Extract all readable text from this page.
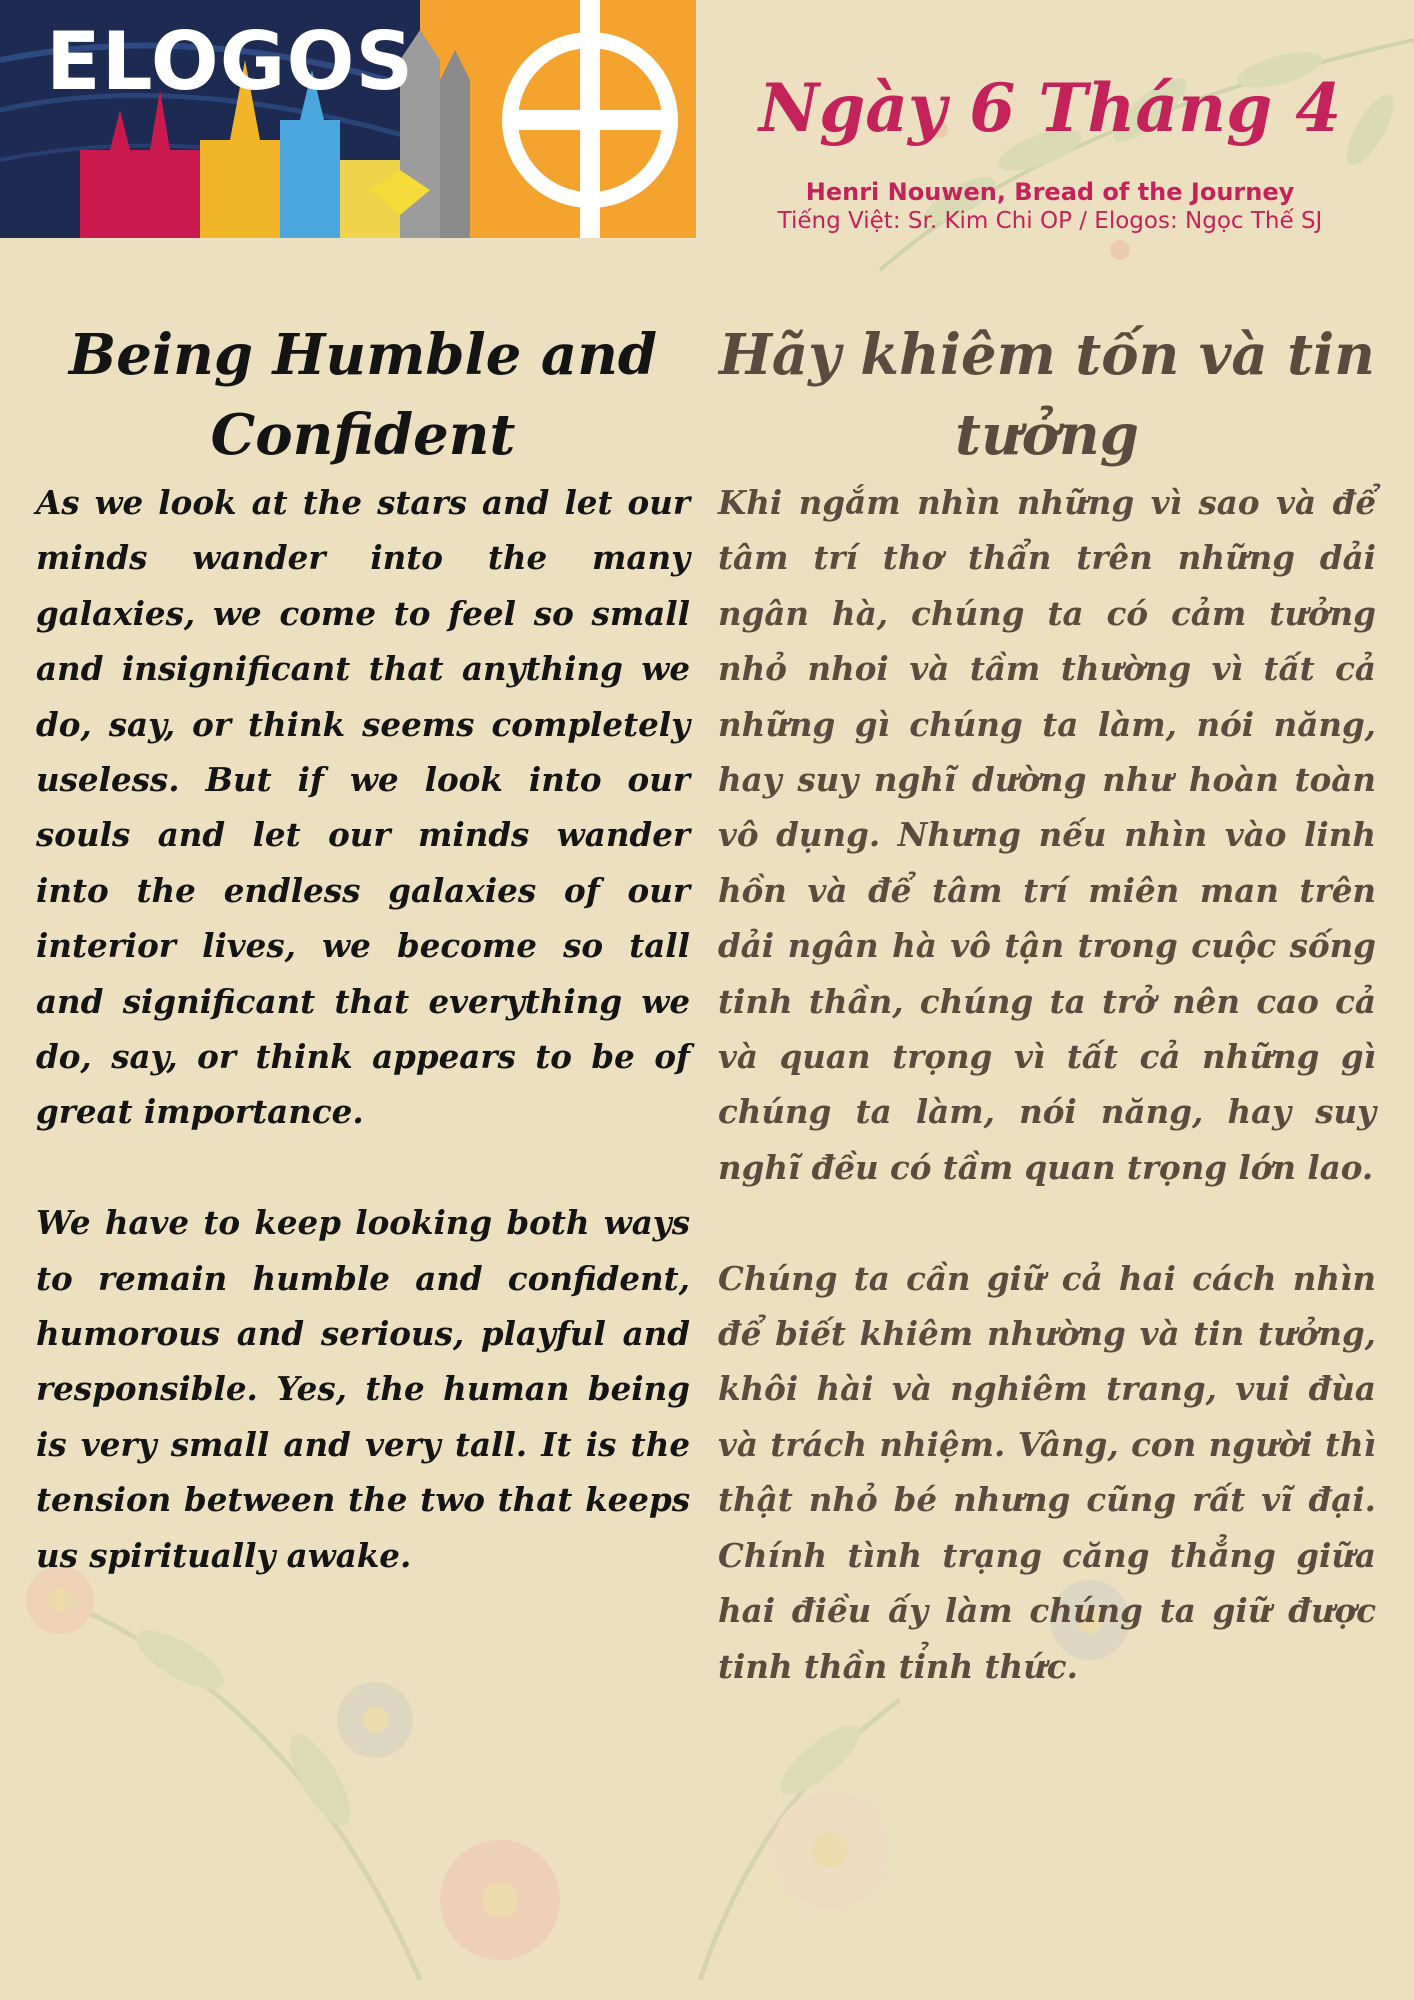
ELOGOS	Ngày 6 Tháng 4
Henri Nouwen, Bread of the Journey
Tiếng Việt: Sr. Kim Chi OP / Elogos: Ngọc Thế SJ
Being Humble and Confident

As we look at the stars and let our minds wander into the many galaxies, we come to feel so small and insignificant that anything we do, say, or think seems completely useless. But if we look into our souls and let our minds wander into the endless galaxies of our interior lives, we become so tall and significant that everything we do, say, or think appears to be of great importance.

We have to keep looking both ways to remain humble and confident, humorous and serious, playful and responsible. Yes, the human being is very small and very tall. It is the tension between the two that keeps us spiritually awake.

Hãy khiêm tốn và tin tưởng

Khi ngắm nhìn những vì sao và để tâm trí thơ thẩn trên những dải ngân hà, chúng ta có cảm tưởng nhỏ nhoi và tầm thường vì tất cả những gì chúng ta làm, nói năng, hay suy nghĩ dường như hoàn toàn vô dụng. Nhưng nếu nhìn vào linh hồn và để tâm trí miên man trên dải ngân hà vô tận trong cuộc sống tinh thần, chúng ta trở nên cao cả và quan trọng vì tất cả những gì chúng ta làm, nói năng, hay suy nghĩ đều có tầm quan trọng lớn lao.

Chúng ta cần giữ cả hai cách nhìn để biết khiêm nhường và tin tưởng, khôi hài và nghiêm trang, vui đùa và trách nhiệm. Vâng, con người thì thật nhỏ bé nhưng cũng rất vĩ đại. Chính tình trạng căng thẳng giữa hai điều ấy làm chúng ta giữ được tinh thần tỉnh thức.
